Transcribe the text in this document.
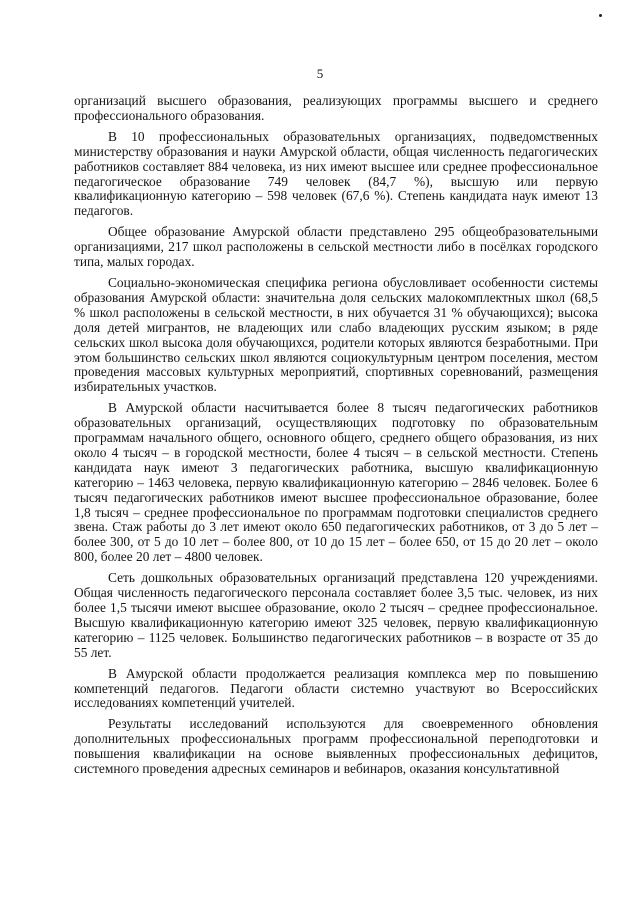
5

организаций высшего образования, реализующих программы высшего и среднего профессионального образования.

В 10 профессиональных образовательных организациях, подведомственных министерству образования и науки Амурской области, общая численность педагогических работников составляет 884 человека, из них имеют высшее или среднее профессиональное педагогическое образование 749 человек (84,7 %), высшую или первую квалификационную категорию – 598 человек (67,6 %). Степень кандидата наук имеют 13 педагогов.

Общее образование Амурской области представлено 295 общеобразовательными организациями, 217 школ расположены в сельской местности либо в посёлках городского типа, малых городах.

Социально-экономическая специфика региона обусловливает особенности системы образования Амурской области: значительна доля сельских малокомплектных школ (68,5 % школ расположены в сельской местности, в них обучается 31 % обучающихся); высока доля детей мигрантов, не владеющих или слабо владеющих русским языком; в ряде сельских школ высока доля обучающихся, родители которых являются безработными. При этом большинство сельских школ являются социокультурным центром поселения, местом проведения массовых культурных мероприятий, спортивных соревнований, размещения избирательных участков.

В Амурской области насчитывается более 8 тысяч педагогических работников образовательных организаций, осуществляющих подготовку по образовательным программам начального общего, основного общего, среднего общего образования, из них около 4 тысяч – в городской местности, более 4 тысяч – в сельской местности. Степень кандидата наук имеют 3 педагогических работника, высшую квалификационную категорию – 1463 человека, первую квалификационную категорию – 2846 человек. Более 6 тысяч педагогических работников имеют высшее профессиональное образование, более 1,8 тысяч – среднее профессиональное по программам подготовки специалистов среднего звена. Стаж работы до 3 лет имеют около 650 педагогических работников, от 3 до 5 лет – более 300, от 5 до 10 лет – более 800, от 10 до 15 лет – более 650, от 15 до 20 лет – около 800, более 20 лет – 4800 человек.

Сеть дошкольных образовательных организаций представлена 120 учреждениями. Общая численность педагогического персонала составляет более 3,5 тыс. человек, из них более 1,5 тысячи имеют высшее образование, около 2 тысяч – среднее профессиональное. Высшую квалификационную категорию имеют 325 человек, первую квалификационную категорию – 1125 человек. Большинство педагогических работников – в возрасте от 35 до 55 лет.

В Амурской области продолжается реализация комплекса мер по повышению компетенций педагогов. Педагоги области системно участвуют во Всероссийских исследованиях компетенций учителей.

Результаты исследований используются для своевременного обновления дополнительных профессиональных программ профессиональной переподготовки и повышения квалификации на основе выявленных профессиональных дефицитов, системного проведения адресных семинаров и вебинаров, оказания консультативной
